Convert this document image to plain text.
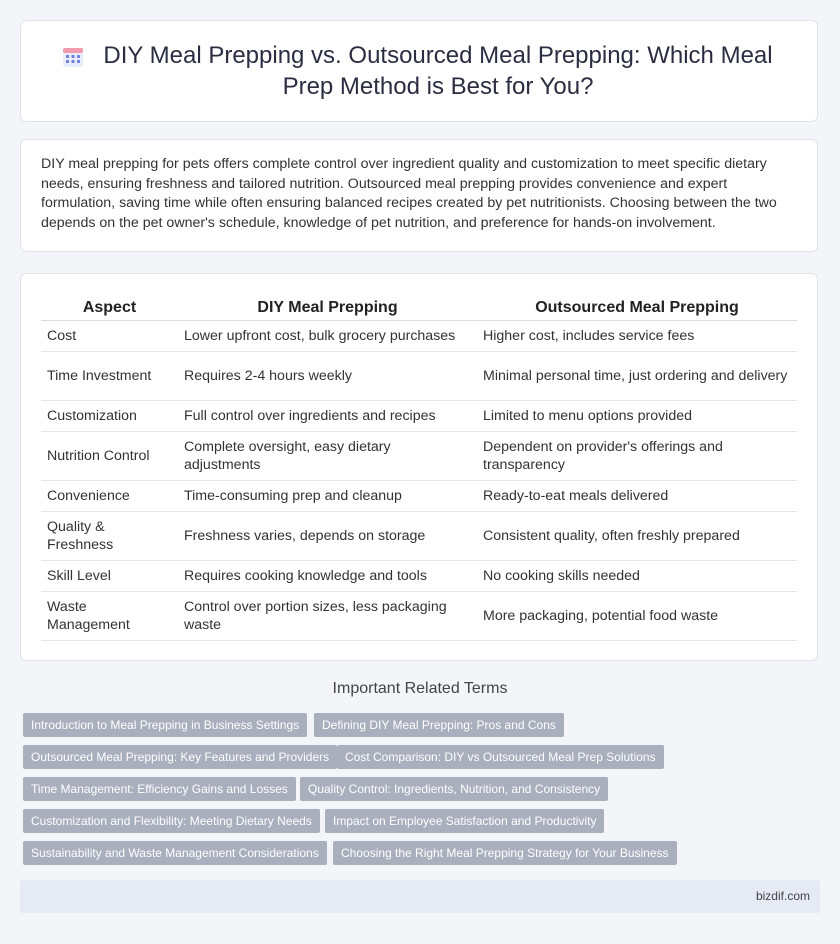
DIY Meal Prepping vs. Outsourced Meal Prepping: Which Meal Prep Method is Best for You?

DIY meal prepping for pets offers complete control over ingredient quality and customization to meet specific dietary needs, ensuring freshness and tailored nutrition. Outsourced meal prepping provides convenience and expert formulation, saving time while often ensuring balanced recipes created by pet nutritionists. Choosing between the two depends on the pet owner's schedule, knowledge of pet nutrition, and preference for hands-on involvement.

Aspect	DIY Meal Prepping	Outsourced Meal Prepping
Cost	Lower upfront cost, bulk grocery purchases	Higher cost, includes service fees
Time Investment	Requires 2-4 hours weekly	Minimal personal time, just ordering and delivery
Customization	Full control over ingredients and recipes	Limited to menu options provided
Nutrition Control	Complete oversight, easy dietary adjustments	Dependent on provider's offerings and transparency
Convenience	Time-consuming prep and cleanup	Ready-to-eat meals delivered
Quality & Freshness	Freshness varies, depends on storage	Consistent quality, often freshly prepared
Skill Level	Requires cooking knowledge and tools	No cooking skills needed
Waste Management	Control over portion sizes, less packaging waste	More packaging, potential food waste
Important Related Terms
Introduction to Meal Prepping in Business Settings	Defining DIY Meal Prepping: Pros and Cons
Outsourced Meal Prepping: Key Features and Providers	Cost Comparison: DIY vs Outsourced Meal Prep Solutions
Time Management: Efficiency Gains and Losses	Quality Control: Ingredients, Nutrition, and Consistency
Customization and Flexibility: Meeting Dietary Needs	Impact on Employee Satisfaction and Productivity
Sustainability and Waste Management Considerations	Choosing the Right Meal Prepping Strategy for Your Business
bizdif.com
